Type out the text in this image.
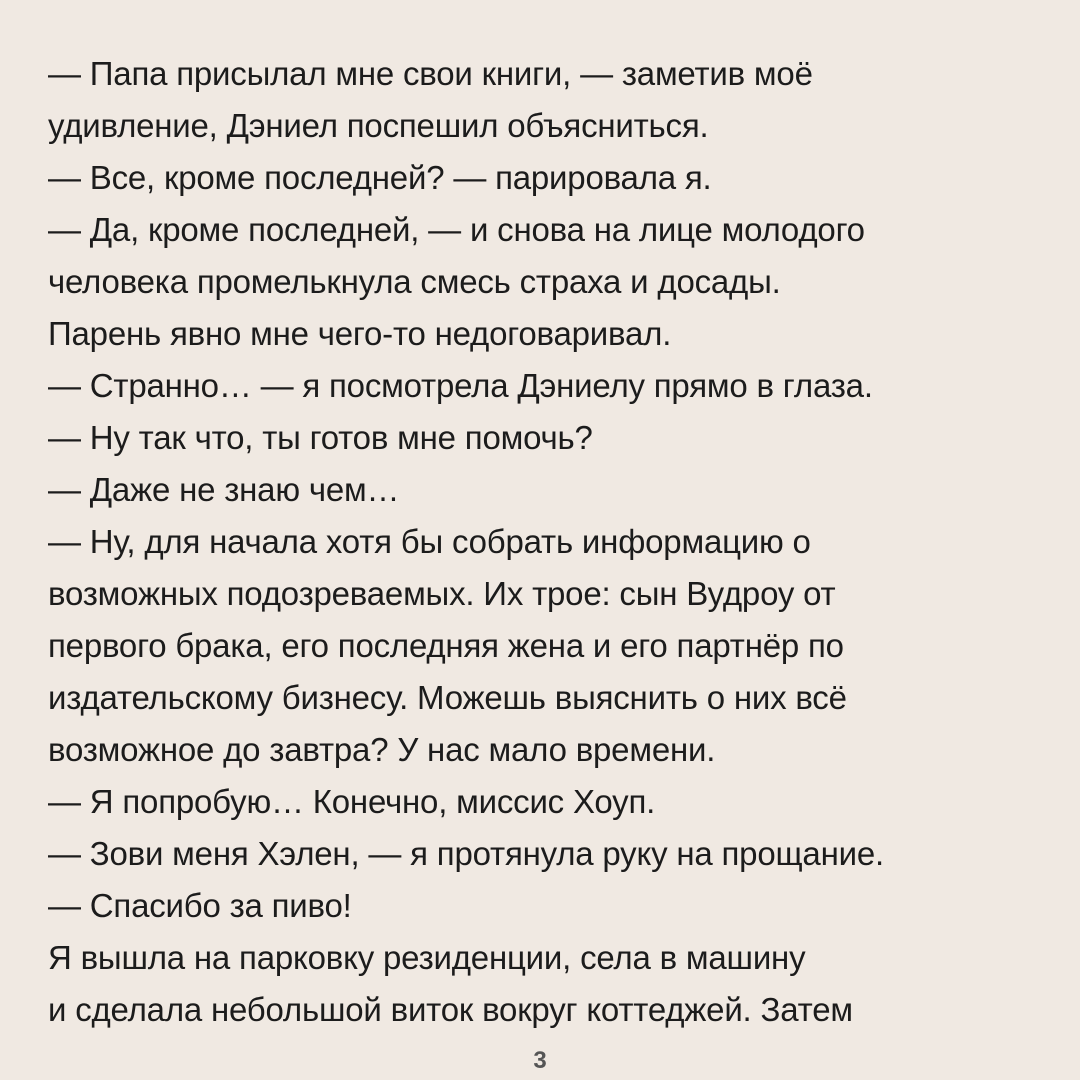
— Папа присылал мне свои книги, — заметив моё
удивление, Дэниел поспешил объясниться.
— Все, кроме последней? — парировала я.
— Да, кроме последней, — и снова на лице молодого
человека промелькнула смесь страха и досады.
Парень явно мне чего-то недоговаривал.
— Странно… — я посмотрела Дэниелу прямо в глаза.
— Ну так что, ты готов мне помочь?
— Даже не знаю чем…
— Ну, для начала хотя бы собрать информацию о
возможных подозреваемых. Их трое: сын Вудроу от
первого брака, его последняя жена и его партнёр по
издательскому бизнесу. Можешь выяснить о них всё
возможное до завтра? У нас мало времени.
— Я попробую… Конечно, миссис Хоуп.
— Зови меня Хэлен, — я протянула руку на прощание.
— Спасибо за пиво!
Я вышла на парковку резиденции, села в машину
и сделала небольшой виток вокруг коттеджей. Затем
3
